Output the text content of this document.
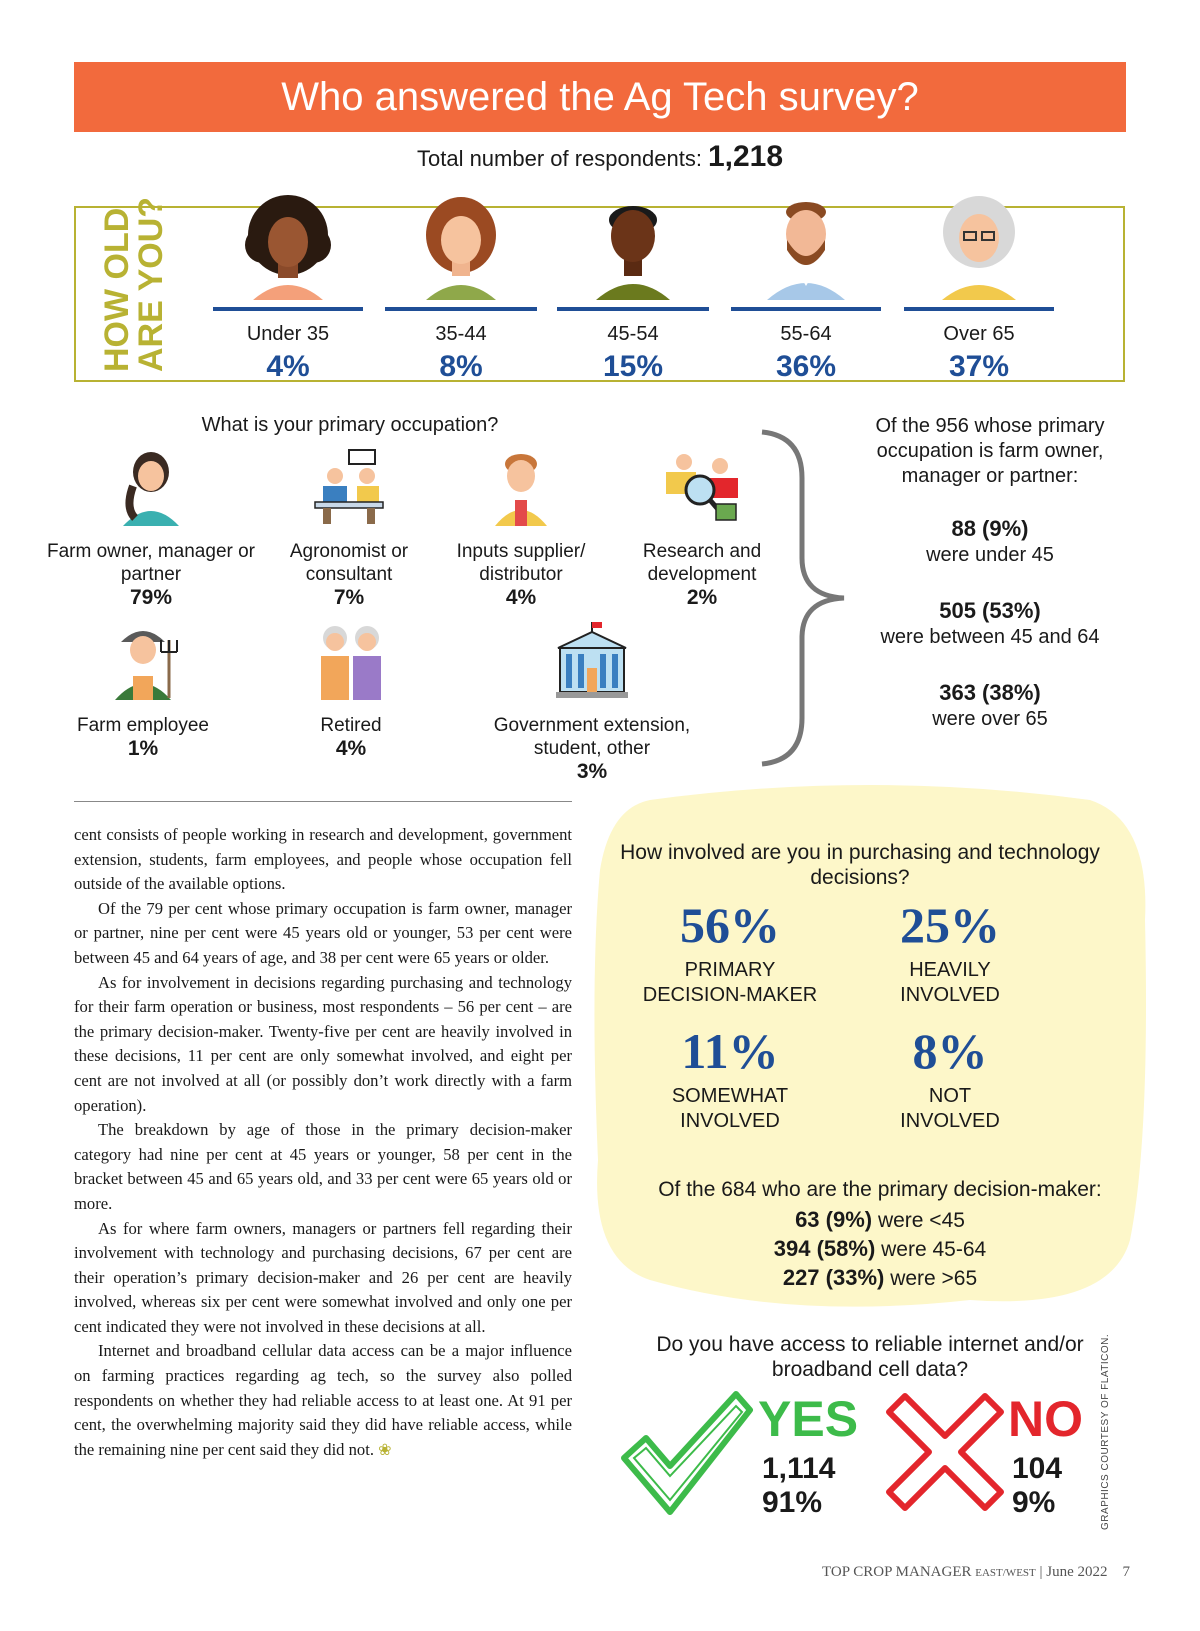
Who answered the Ag Tech survey?
Total number of respondents: 1,218
HOW OLD
ARE YOU?	Under 35
4%
35-44
8%
45-54
15%
55-64
36%
Over 65
37%
What is your primary occupation?
Farm owner, manager or partner
79%
Agronomist or consultant
7%
Inputs supplier/ distributor
4%
Research and development
2%
Farm employee
1%
Retired
4%
Government extension, student, other
3%
Of the 956 whose primary occupation is farm owner, manager or partner:
88 (9%)
were under 45
505 (53%)
were between 45 and 64
363 (38%)
were over 65

cent consists of people working in research and development, government extension, students, farm employees, and people whose occupation fell outside of the available options.

Of the 79 per cent whose primary occupation is farm owner, manager or partner, nine per cent were 45 years old or younger, 53 per cent were between 45 and 64 years of age, and 38 per cent were 65 years or older.

As for involvement in decisions regarding purchasing and technology for their farm operation or business, most respondents – 56 per cent – are the primary decision-maker. Twenty-five per cent are heavily involved in these decisions, 11 per cent are only somewhat involved, and eight per cent are not involved at all (or possibly don’t work directly with a farm operation).

The breakdown by age of those in the primary decision-maker category had nine per cent at 45 years or younger, 58 per cent in the bracket between 45 and 65 years old, and 33 per cent were 65 years old or more.

As for where farm owners, managers or partners fell regarding their involvement with technology and purchasing decisions, 67 per cent are their operation’s primary decision-maker and 26 per cent are heavily involved, whereas six per cent were somewhat involved and only one per cent indicated they were not involved in these decisions at all.

Internet and broadband cellular data access can be a major influence on farming practices regarding ag tech, so the survey also polled respondents on whether they had reliable access to at least one. At 91 per cent, the overwhelming majority said they did have reliable access, while the remaining nine per cent said they did not. ❀

How involved are you in purchasing and technology decisions?
56%
PRIMARY
DECISION-MAKER
25%
HEAVILY
INVOLVED
11%
SOMEWHAT
INVOLVED
8%
NOT
INVOLVED
Of the 684 who are the primary decision-maker:
63 (9%) were <45
394 (58%) were 45-64
227 (33%) were >65
Do you have access to reliable internet and/or broadband cell data?
YES
1,114
91%
NO
104
9%	GRAPHICS COURTESY OF FLATICON.
TOP CROP MANAGER EAST/WEST | June 2022 7
